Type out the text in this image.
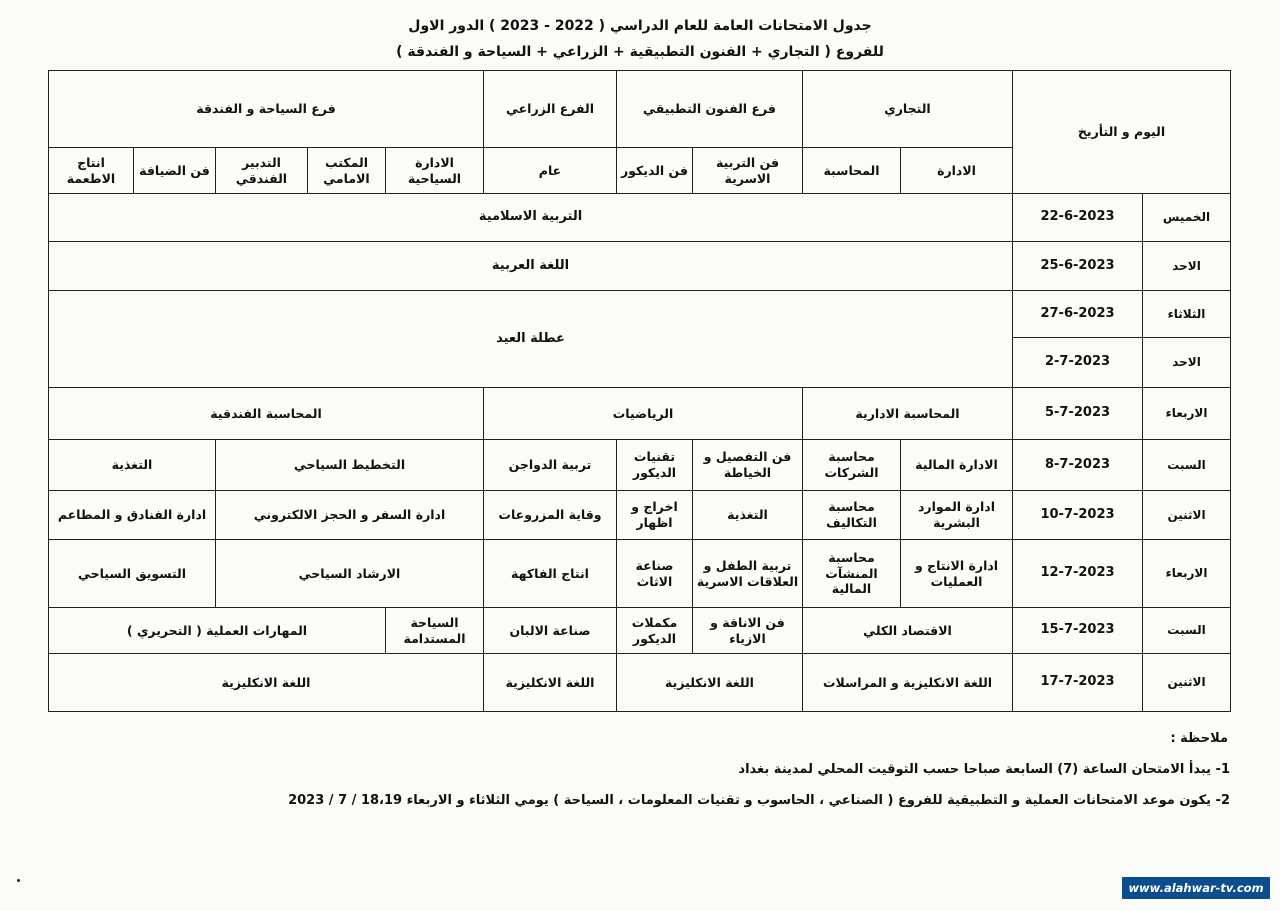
جدول الامتحانات العامة للعام الدراسي ( 2022 - 2023 ) الدور الاول
للفروع ( التجاري + الفنون التطبيقية + الزراعي + السياحة و الفندقة )
اليوم و التأريخ		التجاري		فرع الفنون التطبيقي		الفرع الزراعي	فرع السياحة و الفندقة				
		الادارة	المحاسبة	فن التربية الاسرية	فن الديكور	عام	الادارة السياحية	المكتب الامامي	التدبير الفندقي	فن الضيافة	انتاج الاطعمة
الخميس	22-6-2023	التربية الاسلامية									
الاحد	25-6-2023	اللغة العربية									
الثلاثاء	27-6-2023	عطلة العيد									
الاحد	2-7-2023										
الاربعاء	5-7-2023	المحاسبة الادارية		الرياضيات			المحاسبة الفندقية				
السبت	8-7-2023	الادارة المالية	محاسبة الشركات	فن التفصيل و الخياطة	تقنيات الديكور	تربية الدواجن	التخطيط السياحي			التغذية	
الاثنين	10-7-2023	ادارة الموارد البشرية	محاسبة التكاليف	التغذية	اخراج و اظهار	وقاية المزروعات	ادارة السفر و الحجز الالكتروني			ادارة الفنادق و المطاعم	
الاربعاء	12-7-2023	ادارة الانتاج و العمليات	محاسبة المنشآت المالية	تربية الطفل و العلاقات الاسرية	صناعة الاثاث	انتاج الفاكهة	الارشاد السياحي			التسويق السياحي	
السبت	15-7-2023	الاقتصاد الكلي		فن الاناقة و الازياء	مكملات الديكور	صناعة الالبان	السياحة المستدامة	المهارات العملية ( التحريري )			
الاثنين	17-7-2023	اللغة الانكليزية و المراسلات		اللغة الانكليزية		اللغة الانكليزية	اللغة الانكليزية				
ملاحظة :
1- يبدأ الامتحان الساعة (7) السابعة صباحا حسب التوقيت المحلي لمدينة بغداد
2- يكون موعد الامتحانات العملية و التطبيقية للفروع ( الصناعي ، الحاسوب و تقنيات المعلومات ، السياحة ) يومي الثلاثاء و الاربعاء 18،19 / 7 / 2023
www.alahwar-tv.com
